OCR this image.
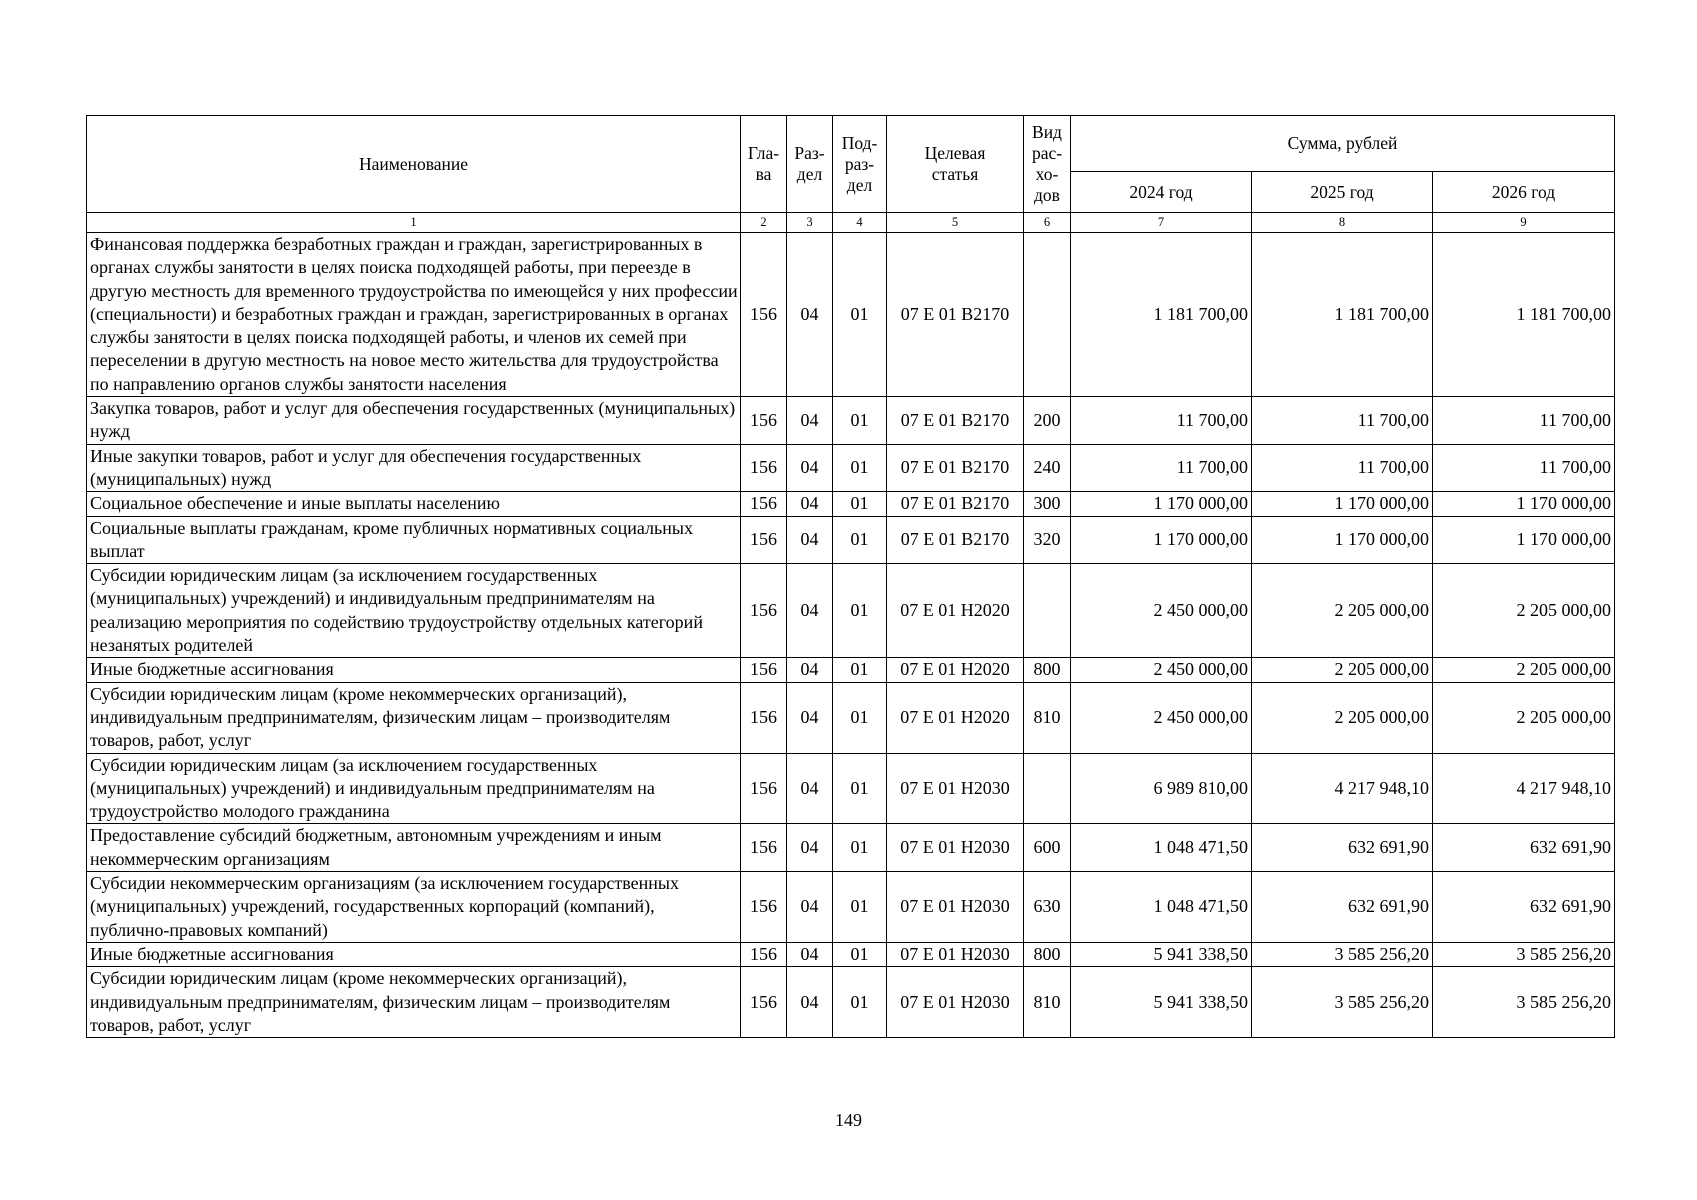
Наименование	Гла-ва	Раз-дел	Под-раз-дел	Целевая статья	Вид рас-хо-дов	Сумма, рублей		
						2024 год	2025 год	2026 год
1	2	3	4	5	6	7	8	9
Финансовая поддержка безработных граждан и граждан, зарегистрированных в органах службы занятости в целях поиска подходящей работы, при переезде в другую местность для временного трудоустройства по имеющейся у них профессии (специальности) и безработных граждан и граждан, зарегистрированных в органах службы занятости в целях поиска подходящей работы, и членов их семей при переселении в другую местность на новое место жительства для трудоустройства по направлению органов службы занятости населения	156	04	01	07 Е 01 В2170		1 181 700,00	1 181 700,00	1 181 700,00
Закупка товаров, работ и услуг для обеспечения государственных (муниципальных) нужд	156	04	01	07 Е 01 В2170	200	11 700,00	11 700,00	11 700,00
Иные закупки товаров, работ и услуг для обеспечения государственных (муниципальных) нужд	156	04	01	07 Е 01 В2170	240	11 700,00	11 700,00	11 700,00
Социальное обеспечение и иные выплаты населению	156	04	01	07 Е 01 В2170	300	1 170 000,00	1 170 000,00	1 170 000,00
Социальные выплаты гражданам, кроме публичных нормативных социальных выплат	156	04	01	07 Е 01 В2170	320	1 170 000,00	1 170 000,00	1 170 000,00
Субсидии юридическим лицам (за исключением государственных (муниципальных) учреждений) и индивидуальным предпринимателям на реализацию мероприятия по содействию трудоустройству отдельных категорий незанятых родителей	156	04	01	07 Е 01 Н2020		2 450 000,00	2 205 000,00	2 205 000,00
Иные бюджетные ассигнования	156	04	01	07 Е 01 Н2020	800	2 450 000,00	2 205 000,00	2 205 000,00
Субсидии юридическим лицам (кроме некоммерческих организаций), индивидуальным предпринимателям, физическим лицам – производителям товаров, работ, услуг	156	04	01	07 Е 01 Н2020	810	2 450 000,00	2 205 000,00	2 205 000,00
Субсидии юридическим лицам (за исключением государственных (муниципальных) учреждений) и индивидуальным предпринимателям на трудоустройство молодого гражданина	156	04	01	07 Е 01 Н2030		6 989 810,00	4 217 948,10	4 217 948,10
Предоставление субсидий бюджетным, автономным учреждениям и иным некоммерческим организациям	156	04	01	07 Е 01 Н2030	600	1 048 471,50	632 691,90	632 691,90
Субсидии некоммерческим организациям (за исключением государственных (муниципальных) учреждений, государственных корпораций (компаний), публично-правовых компаний)	156	04	01	07 Е 01 Н2030	630	1 048 471,50	632 691,90	632 691,90
Иные бюджетные ассигнования	156	04	01	07 Е 01 Н2030	800	5 941 338,50	3 585 256,20	3 585 256,20
Субсидии юридическим лицам (кроме некоммерческих организаций), индивидуальным предпринимателям, физическим лицам – производителям товаров, работ, услуг	156	04	01	07 Е 01 Н2030	810	5 941 338,50	3 585 256,20	3 585 256,20
149
